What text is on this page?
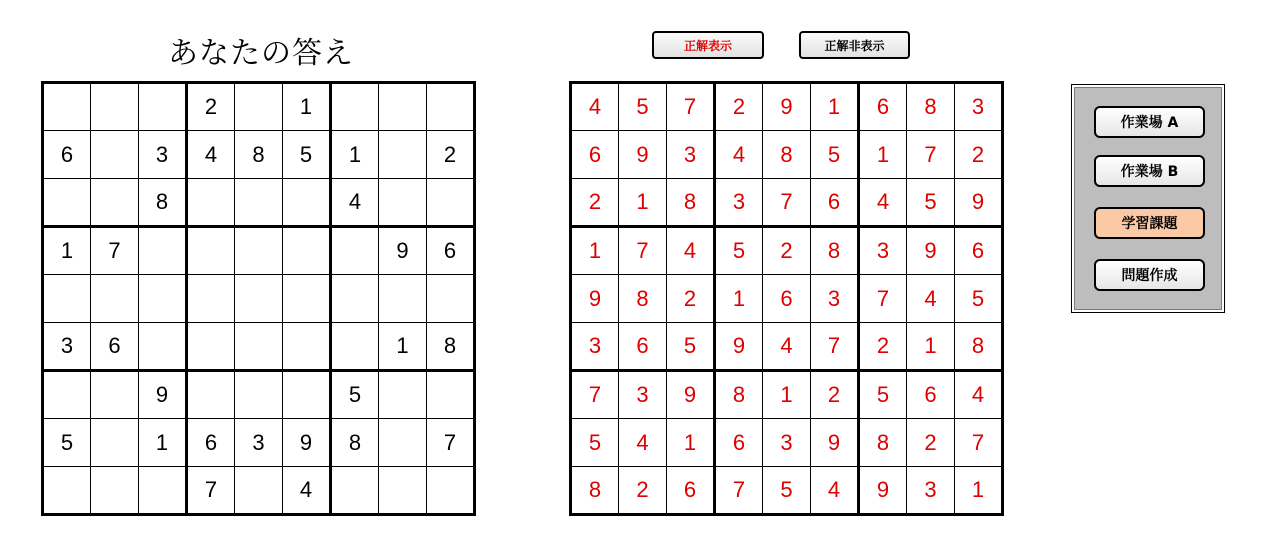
あなたの答え	正解表示	正解非表示
			2		1			
6		3	4	8	5	1		2
		8				4		
1	7						9	6

3	6						1	8
		9				5		
5		1	6	3	9	8		7
			7		4			
4	5	7	2	9	1	6	8	3
6	9	3	4	8	5	1	7	2
2	1	8	3	7	6	4	5	9
1	7	4	5	2	8	3	9	6
9	8	2	1	6	3	7	4	5
3	6	5	9	4	7	2	1	8
7	3	9	8	1	2	5	6	4
5	4	1	6	3	9	8	2	7
8	2	6	7	5	4	9	3	1
作業場 A
作業場 B
学習課題
問題作成
